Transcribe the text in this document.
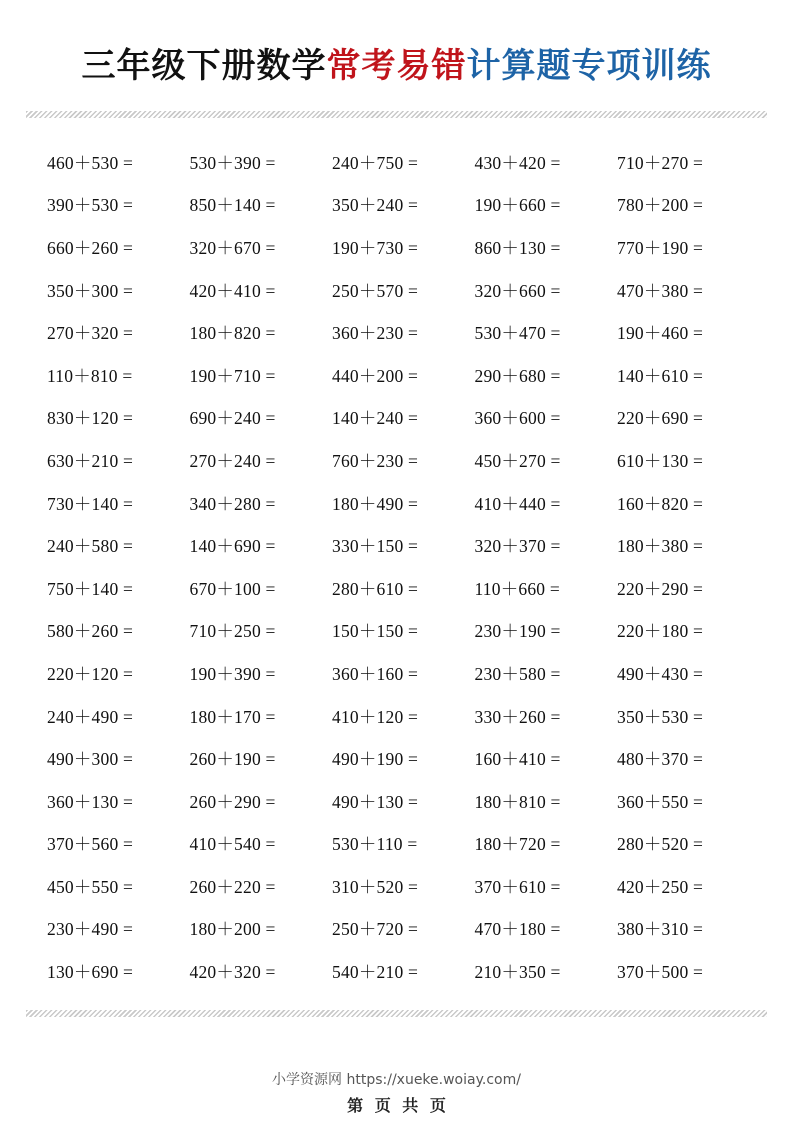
三年级下册数学常考易错计算题专项训练
460＋530 =	530＋390 =	240＋750 =	430＋420 =	710＋270 =
390＋530 =	850＋140 =	350＋240 =	190＋660 =	780＋200 =
660＋260 =	320＋670 =	190＋730 =	860＋130 =	770＋190 =
350＋300 =	420＋410 =	250＋570 =	320＋660 =	470＋380 =
270＋320 =	180＋820 =	360＋230 =	530＋470 =	190＋460 =
110＋810 =	190＋710 =	440＋200 =	290＋680 =	140＋610 =
830＋120 =	690＋240 =	140＋240 =	360＋600 =	220＋690 =
630＋210 =	270＋240 =	760＋230 =	450＋270 =	610＋130 =
730＋140 =	340＋280 =	180＋490 =	410＋440 =	160＋820 =
240＋580 =	140＋690 =	330＋150 =	320＋370 =	180＋380 =
750＋140 =	670＋100 =	280＋610 =	110＋660 =	220＋290 =
580＋260 =	710＋250 =	150＋150 =	230＋190 =	220＋180 =
220＋120 =	190＋390 =	360＋160 =	230＋580 =	490＋430 =
240＋490 =	180＋170 =	410＋120 =	330＋260 =	350＋530 =
490＋300 =	260＋190 =	490＋190 =	160＋410 =	480＋370 =
360＋130 =	260＋290 =	490＋130 =	180＋810 =	360＋550 =
370＋560 =	410＋540 =	530＋110 =	180＋720 =	280＋520 =
450＋550 =	260＋220 =	310＋520 =	370＋610 =	420＋250 =
230＋490 =	180＋200 =	250＋720 =	470＋180 =	380＋310 =
130＋690 =	420＋320 =	540＋210 =	210＋350 =	370＋500 =
小学资源网 https://xueke.woiay.com/
第 页 共 页
